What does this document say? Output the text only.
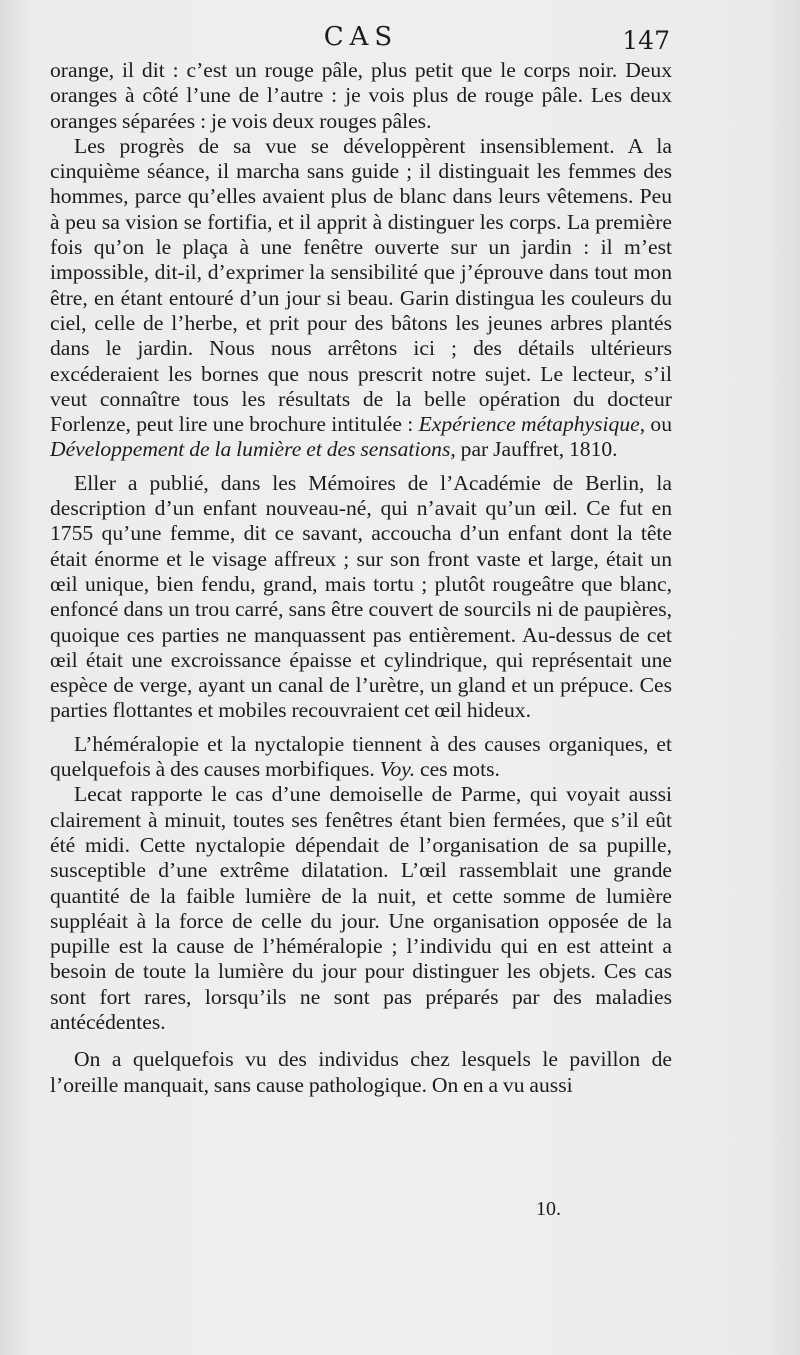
CAS	147

orange, il dit : c’est un rouge pâle, plus petit que le corps noir. Deux oranges à côté l’une de l’autre : je vois plus de rouge pâle. Les deux oranges séparées : je vois deux rouges pâles.

Les progrès de sa vue se développèrent insensiblement. A la cinquième séance, il marcha sans guide ; il distinguait les femmes des hommes, parce qu’elles avaient plus de blanc dans leurs vêtemens. Peu à peu sa vision se fortifia, et il apprit à distinguer les corps. La première fois qu’on le plaça à une fenêtre ouverte sur un jardin : il m’est impossible, dit-il, d’exprimer la sensibilité que j’éprouve dans tout mon être, en étant entouré d’un jour si beau. Garin distingua les couleurs du ciel, celle de l’herbe, et prit pour des bâtons les jeunes arbres plantés dans le jardin. Nous nous arrêtons ici ; des détails ultérieurs excéderaient les bornes que nous prescrit notre sujet. Le lecteur, s’il veut connaître tous les résultats de la belle opération du docteur Forlenze, peut lire une brochure intitulée : Expérience métaphysique, ou Développement de la lumière et des sensations, par Jauffret, 1810.

Eller a publié, dans les Mémoires de l’Académie de Berlin, la description d’un enfant nouveau-né, qui n’avait qu’un œil. Ce fut en 1755 qu’une femme, dit ce savant, accoucha d’un enfant dont la tête était énorme et le visage affreux ; sur son front vaste et large, était un œil unique, bien fendu, grand, mais tortu ; plutôt rougeâtre que blanc, enfoncé dans un trou carré, sans être couvert de sourcils ni de paupières, quoique ces parties ne manquassent pas entièrement. Au-dessus de cet œil était une excroissance épaisse et cylindrique, qui représentait une espèce de verge, ayant un canal de l’urètre, un gland et un prépuce. Ces parties flottantes et mobiles recouvraient cet œil hideux.

L’héméralopie et la nyctalopie tiennent à des causes organiques, et quelquefois à des causes morbifiques. Voy. ces mots.

Lecat rapporte le cas d’une demoiselle de Parme, qui voyait aussi clairement à minuit, toutes ses fenêtres étant bien fermées, que s’il eût été midi. Cette nyctalopie dépendait de l’organisation de sa pupille, susceptible d’une extrême dilatation. L’œil rassemblait une grande quantité de la faible lumière de la nuit, et cette somme de lumière suppléait à la force de celle du jour. Une organisation opposée de la pupille est la cause de l’héméralopie ; l’individu qui en est atteint a besoin de toute la lumière du jour pour distinguer les objets. Ces cas sont fort rares, lorsqu’ils ne sont pas préparés par des maladies antécédentes.

On a quelquefois vu des individus chez lesquels le pavillon de l’oreille manquait, sans cause pathologique. On en a vu aussi

10.
